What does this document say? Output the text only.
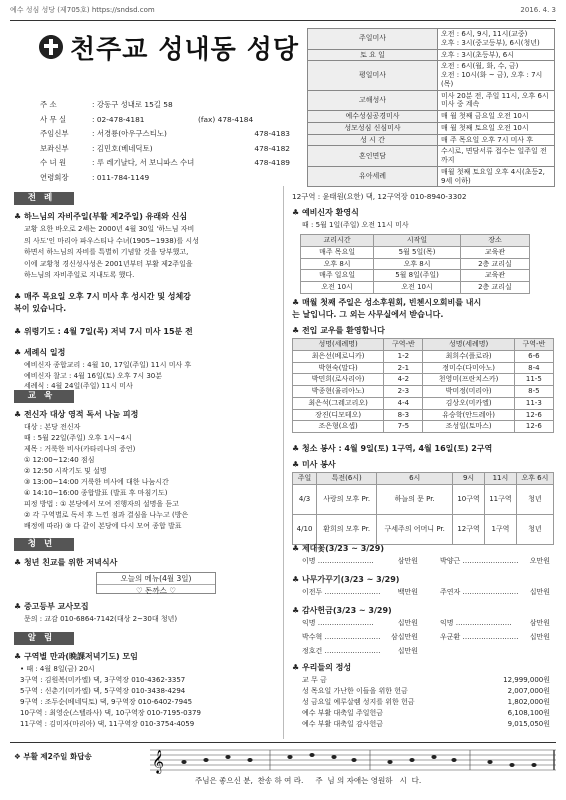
예수 성심 성당 (제705호) https://sndsd.com	2016. 4. 3
천주교 성내동 성당	주일미사	오전 : 6시, 9시, 11시(교중)
오후 : 3시(중고등부), 6시(청년)

토 요 일	오후 : 3시(초등부), 6시

평일미사	오전 : 6시(월, 화, 수, 금)
오전 : 10시(화 ~ 금), 오후 : 7시(목)

고해성사	미사 20분 전, 주일 11시, 오후 6시 미사 중 계속

예수성심공경미사	매 월 첫째 금요일 오전 10시
성모성심 신심미사	매 월 첫째 토요일 오전 10시
성 시 간	매 주 목요일 오후 7시 미사 후
혼인면담	수시로, 면담서류 접수는 일주일 전까지
유아세례	매월 첫째 토요일 오후 4시(초등2, 9세 이하)
전례
♣ 하느님의 자비주일(부활 제2주일) 유래와 신심
♣ 위령기도 : 4월 7일(목) 저녁 7시 미사 15분 전
♣ 세례식 일정
교육
♣ 전신자 대상 영적 독서 나눔 피정
청년
♣ 청년 친교를 위한 저녁식사
오늘의 메뉴(4월 3일)
♡ 돈까스 ♡
♣ 중고등부 교사모집
문의 : 교감 010-6864-7142(대상 2~30대 청년)
알림
♣ 구역별 만과(晩課저녁기도) 모임
12구역 : 윤태원(요한) 댁, 12구역장 010-8940-3302
♣ 예비신자 환영식
때 : 5월 1일(주일) 오전 11시 미사
교리시간	시작일	장소
매주 목요일	5월 5일(목)	교육관
오후 8시	오후 8시	2층 교리실
매주 일요일	5월 8일(주일)	교육관
오전 10시	오전 10시	2층 교리실
♣ 전입 교우를 환영합니다
성명(세례명)	구역-반	성명(세례명)	구역-반
최은선(베로니카)	1-2	최희수(플로라)	6-6
박현숙(말다)	2-1	정미수(다미아노)	8-4
박민희(로사리아)	4-2	천영미(프란치스카)	11-5
박종현(율리아노)	2-3	박미정(미리아)	8-5
최은석(그레고리오)	4-4	김상오(미카엘)	11-3
장진(디모테오)	8-3	유승학(안드레아)	12-6
조은형(요셉)	7-5	조성일(토마스)	12-6
♣ 청소 봉사 : 4월 9일(토) 1구역, 4월 16일(토) 2구역
♣ 미사 봉사
주일	특전(6시)	6시	9시	11시	오후 6시
4/3	사랑의 모후 Pr.	하늘의 문 Pr.	10구역	11구역	청년
4/10	환희의 모후 Pr.	구세주의 어머니 Pr.	12구역	1구역	청년
♣ 제대꽃(3/23 ~ 3/29)
♣ 나무가꾸기(3/23 ~ 3/29)
♣ 감사헌금(3/23 ~ 3/29)
♣ 우리들의 정성
❖ 부활 제2주일 화답송	𝄞
주님은 좋으신 분,  찬송 하 여 라.     주  님 의 자애는 영원하   시  다.
주 소	: 강동구 성내로 15길 58
사 무 실	: 02-478-4181	(fax) 478-4184
주임신부	: 서경룡(아우구스티노)	478-4183
보좌신부	: 김민호(베네딕토)	478-4182
수 녀 원	: 루 레기날다, 서 보니파스 수녀	478-4189
연령회장	: 011-784-1149
교황 요한 바오로 2세는 2000년 4월 30일 '하느님 자비
의 사도'인 마리아 파우스티나 수녀(1905~1938)를 시성
하면서 하느님의 자비를 특별히 기념할 것을 당부했고,
이에 교황청 경신성사성은 2001년부터 부활 제2주일을
하느님의 자비주일로 지내도록 했다.
♣ 매주 목요일 오후 7시 미사 후 성시간 및 성체강
복이 있습니다.
예비신자 종합교리 : 4월 10, 17일(주일) 11시 미사 후
예비신자 찰고 : 4월 16일(토) 오후 7시 30분
세례식 : 4월 24일(주일) 11시 미사
대상 : 본당 전신자
때 : 5월 22일(주일) 오후 1시~4시
제목 : 거룩한 비사(카타리나의 증언)
① 12:00~12:40 점심
② 12:50 시작기도 및 설명
③ 13:00~14:00 거룩한 비사에 대한 나눔시간
④ 14:10~16:00 종합발표 (발표 후 마침기도)
피정 방법 : ① 본당에서 모여 진행자의 설명을 듣고
② 각 구역별로 독서 후 느낀 점과 결심을 나누고 (방은
배정에 따라) ③ 다 같이 본당에 다시 모여 종합 발표
• 때 : 4월 8일(금) 20시
3구역 : 김원복(미카엘) 댁, 3구역장 010-4362-3357
5구역 : 신춘기(미카엘) 댁, 5구역장 010-3438-4294
9구역 : 조두순(베네딕토) 댁, 9구역장 010-6402-7945
10구역 : 최영순(스텔라사) 댁, 10구역장 010-7195-0379
11구역 : 김미자(마리아) 댁, 11구역장 010-3754-4059
♣ 매월 첫째 주일은 성소후원회, 빈첸시오회비를 내시
는 날입니다. 그 외는 사무실에서 받습니다.
이명 ……………………	삼만원	박양근 ……………………	오만원
이전두 ……………………	백만원	주연자 ……………………	십만원
익명 ……………………	십만원	익명 ……………………	삼만원
박수혁 ……………………	삼십만원	우군환 ……………………	십만원
정호건 ……………………	십만원
교 무 금	12,999,000원
성 목요일 가난한 이들을 위한 헌금	2,007,000원
성 금요일 예루살렘 성지를 위한 헌금	1,802,000원
예수 부활 대축일 주일헌금	6,108,100원
예수 부활 대축일 감사헌금	9,015,050원
